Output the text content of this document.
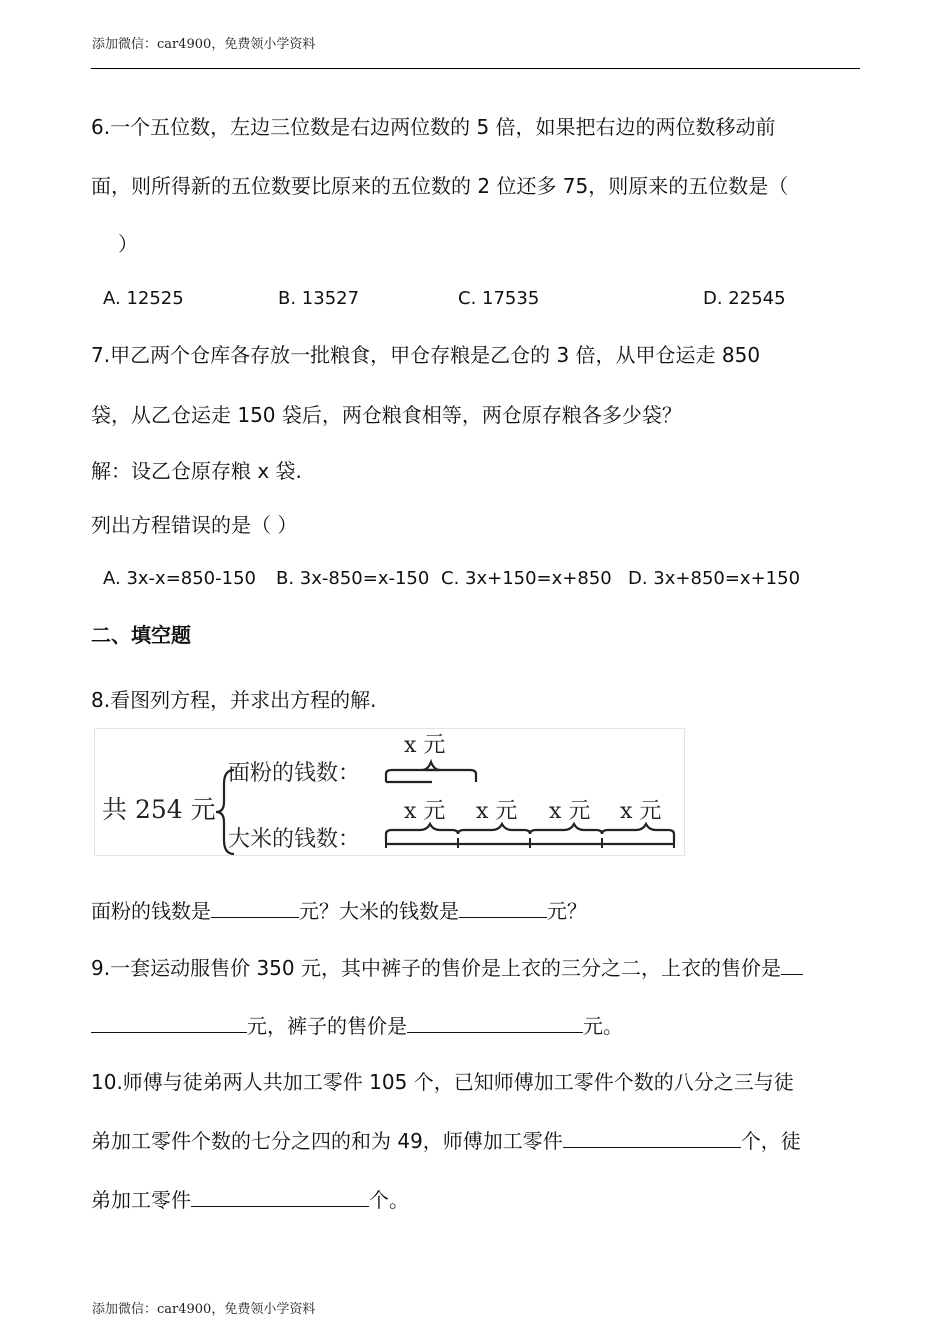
添加微信：car4900，免费领小学资料
6.一个五位数，左边三位数是右边两位数的 5 倍，如果把右边的两位数移动前
面，则所得新的五位数要比原来的五位数的 2 位还多 75，则原来的五位数是（
）
A. 12525	B. 13527	C. 17535	D. 22545
7.甲乙两个仓库各存放一批粮食，甲仓存粮是乙仓的 3 倍，从甲仓运走 850
袋，从乙仓运走 150 袋后，两仓粮食相等，两仓原存粮各多少袋？
解：设乙仓原存粮 x 袋.
列出方程错误的是（ ）
A. 3x-x=850-150 B. 3x-850=x-150 C. 3x+150=x+850 D. 3x+850=x+150
二、填空题
8.看图列方程，并求出方程的解.
共 254 元
面粉的钱数：
x 元
大米的钱数：
x 元 x 元 x 元 x 元
面粉的钱数是	元？大米的钱数是	元？
9.一套运动服售价 350 元，其中裤子的售价是上衣的三分之二，上衣的售价是
元，裤子的售价是	元。
10.师傅与徒弟两人共加工零件 105 个，已知师傅加工零件个数的八分之三与徒
弟加工零件个数的七分之四的和为 49，师傅加工零件	个，徒
弟加工零件	个。
添加微信：car4900，免费领小学资料
